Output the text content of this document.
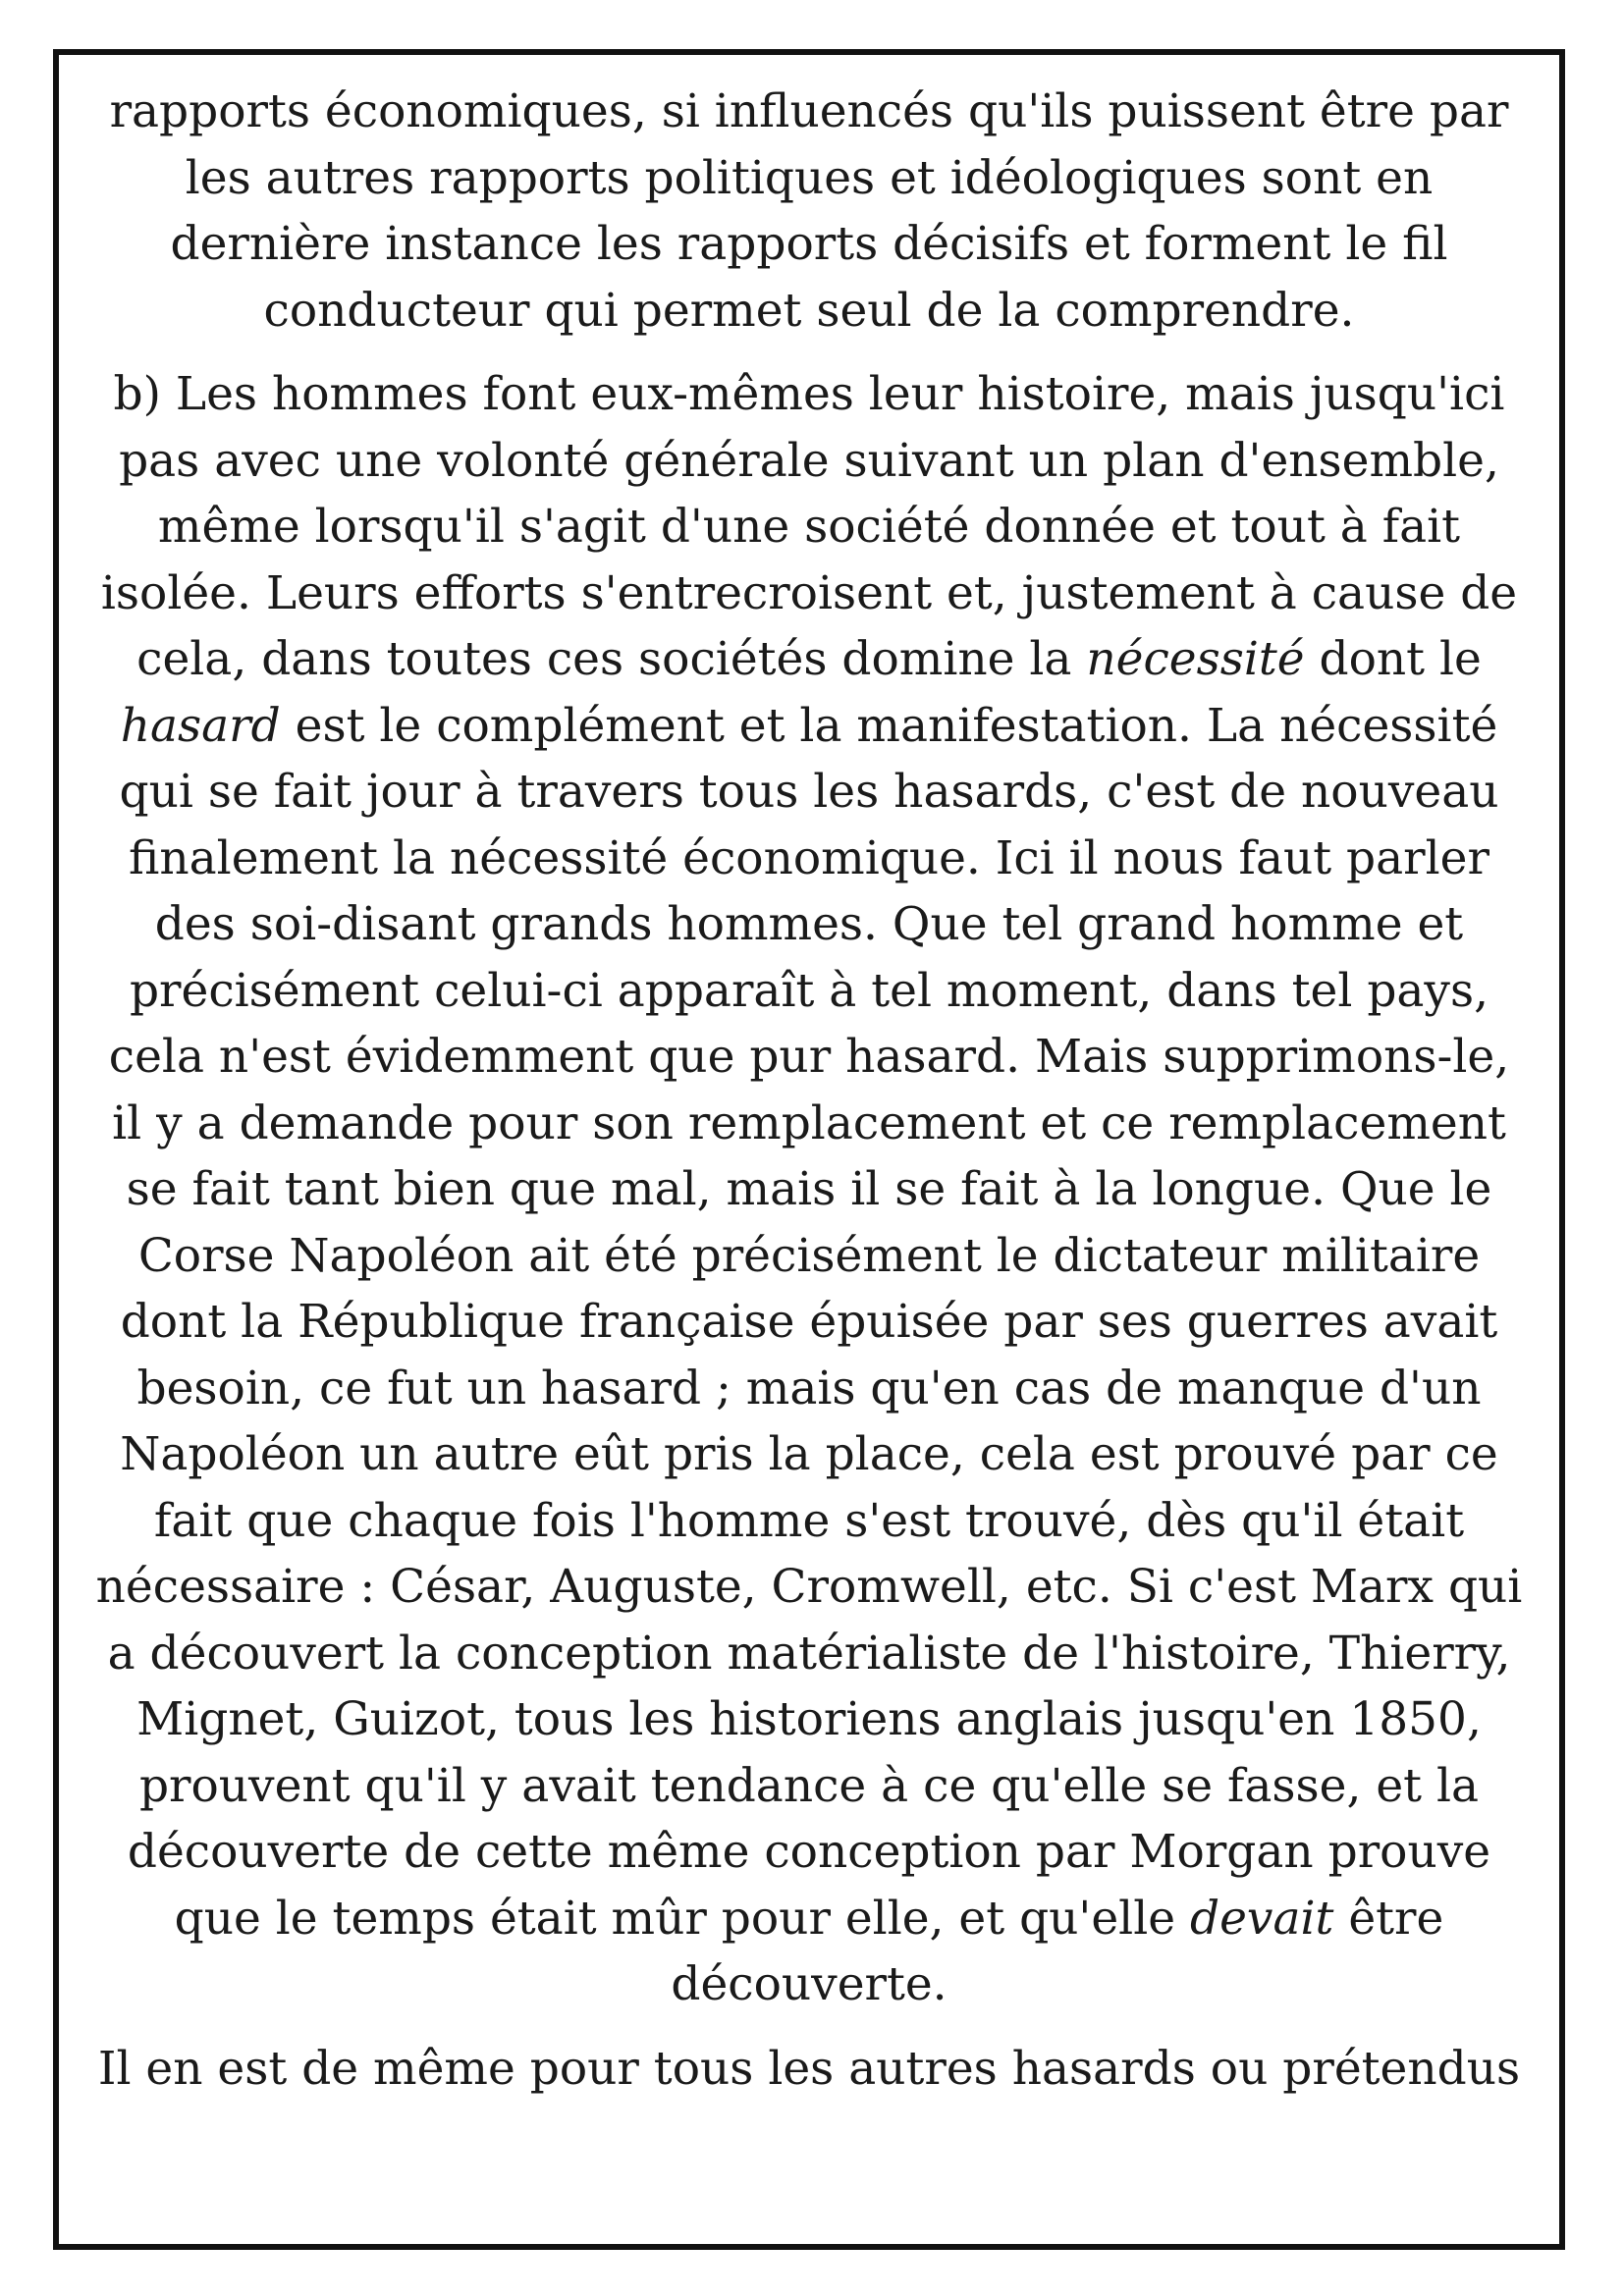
rapports économiques, si influencés qu'ils puissent être par
les autres rapports politiques et idéologiques sont en
dernière instance les rapports décisifs et forment le fil
conducteur qui permet seul de la comprendre.

b) Les hommes font eux-mêmes leur histoire, mais jusqu'ici
pas avec une volonté générale suivant un plan d'ensemble,
même lorsqu'il s'agit d'une société donnée et tout à fait
isolée. Leurs efforts s'entrecroisent et, justement à cause de
cela, dans toutes ces sociétés domine la nécessité dont le
hasard est le complément et la manifestation. La nécessité
qui se fait jour à travers tous les hasards, c'est de nouveau
finalement la nécessité économique. Ici il nous faut parler
des soi-disant grands hommes. Que tel grand homme et
précisément celui-ci apparaît à tel moment, dans tel pays,
cela n'est évidemment que pur hasard. Mais supprimons-le,
il y a demande pour son remplacement et ce remplacement
se fait tant bien que mal, mais il se fait à la longue. Que le
Corse Napoléon ait été précisément le dictateur militaire
dont la République française épuisée par ses guerres avait
besoin, ce fut un hasard ; mais qu'en cas de manque d'un
Napoléon un autre eût pris la place, cela est prouvé par ce
fait que chaque fois l'homme s'est trouvé, dès qu'il était
nécessaire : César, Auguste, Cromwell, etc. Si c'est Marx qui
a découvert la conception matérialiste de l'histoire, Thierry,
Mignet, Guizot, tous les historiens anglais jusqu'en 1850,
prouvent qu'il y avait tendance à ce qu'elle se fasse, et la
découverte de cette même conception par Morgan prouve
que le temps était mûr pour elle, et qu'elle devait être
découverte.

Il en est de même pour tous les autres hasards ou prétendus
